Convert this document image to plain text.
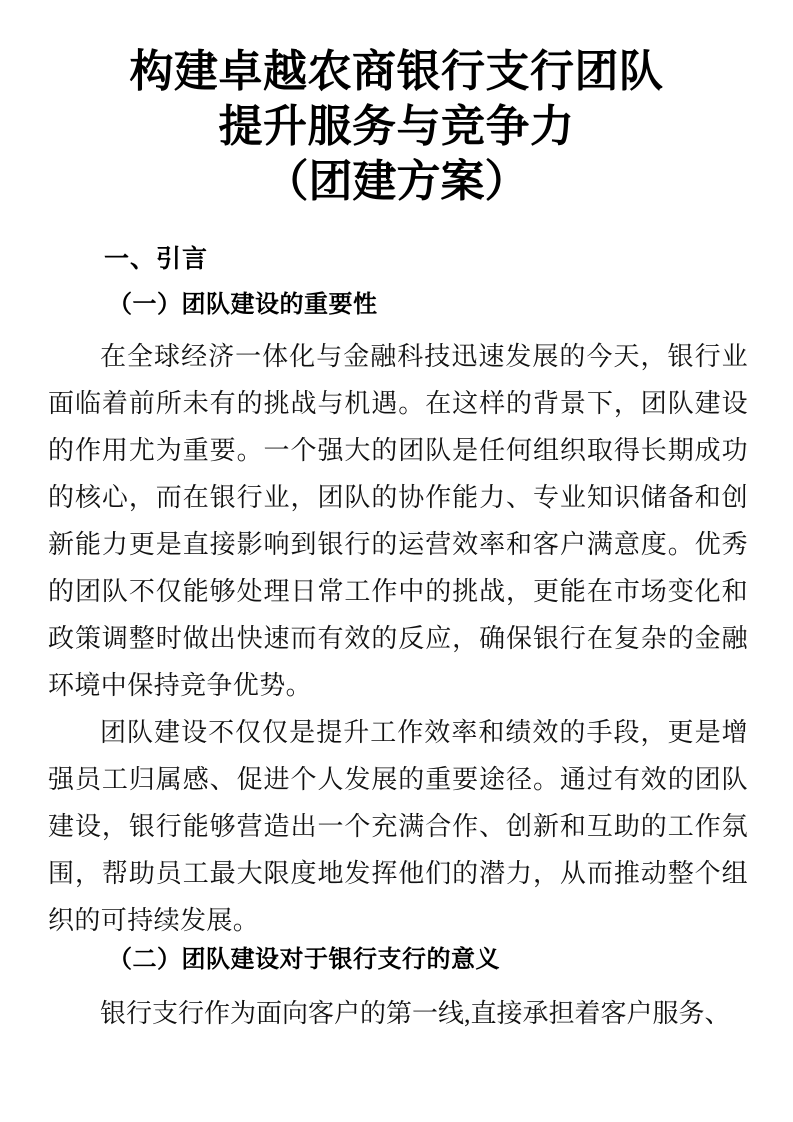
构建卓越农商银行支行团队
提升服务与竞争力
（团建方案）
一、引言
（一）团队建设的重要性

在全球经济一体化与金融科技迅速发展的今天，银行业面临着前所未有的挑战与机遇。在这样的背景下，团队建设的作用尤为重要。一个强大的团队是任何组织取得长期成功的核心，而在银行业，团队的协作能力、专业知识储备和创新能力更是直接影响到银行的运营效率和客户满意度。优秀的团队不仅能够处理日常工作中的挑战，更能在市场变化和政策调整时做出快速而有效的反应，确保银行在复杂的金融环境中保持竞争优势。

团队建设不仅仅是提升工作效率和绩效的手段，更是增强员工归属感、促进个人发展的重要途径。通过有效的团队建设，银行能够营造出一个充满合作、创新和互助的工作氛围，帮助员工最大限度地发挥他们的潜力，从而推动整个组织的可持续发展。

（二）团队建设对于银行支行的意义

银行支行作为面向客户的第一线,直接承担着客户服务、
